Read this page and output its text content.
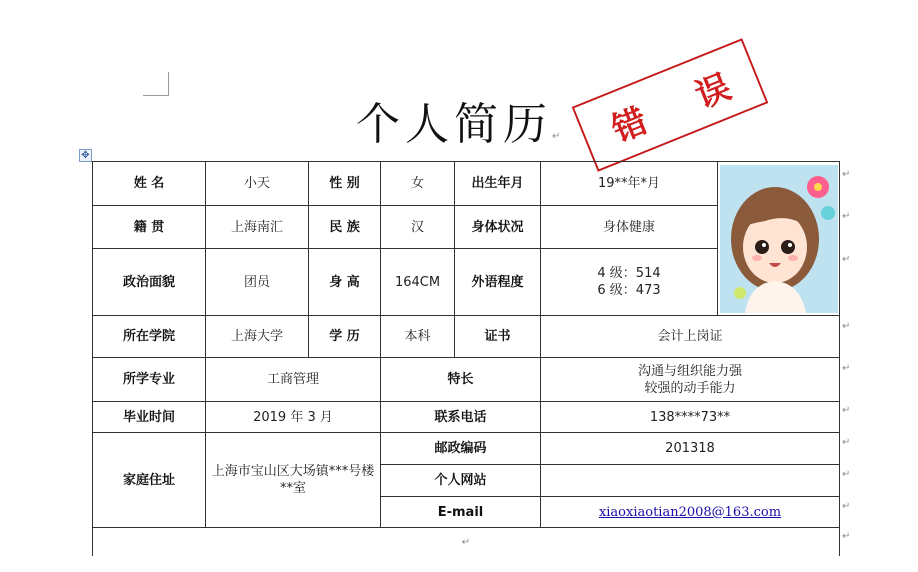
✥
个人简历↵ 错
误
姓 名	小天	性 别	女	出生年月	19**年*月	

籍 贯	上海南汇	民 族	汉	身体状况	身体健康	
政治面貌	团员	身 高	164CM	外语程度	4 级：514
6 级：473	

所在学院	上海大学	学 历	本科	证书	会计上岗证	
所学专业	工商管理		特长		沟通与组织能力强
较强的动手能力	

毕业时间	2019 年 3 月		联系电话		138****73**	
家庭住址	上海市宝山区大场镇***号楼**室		邮政编码		201318	
			个人网站			
			E-mail		xiaoxiaotian2008@163.com	
↵						
↵
↵
↵
↵
↵
↵
↵
↵
↵
↵
